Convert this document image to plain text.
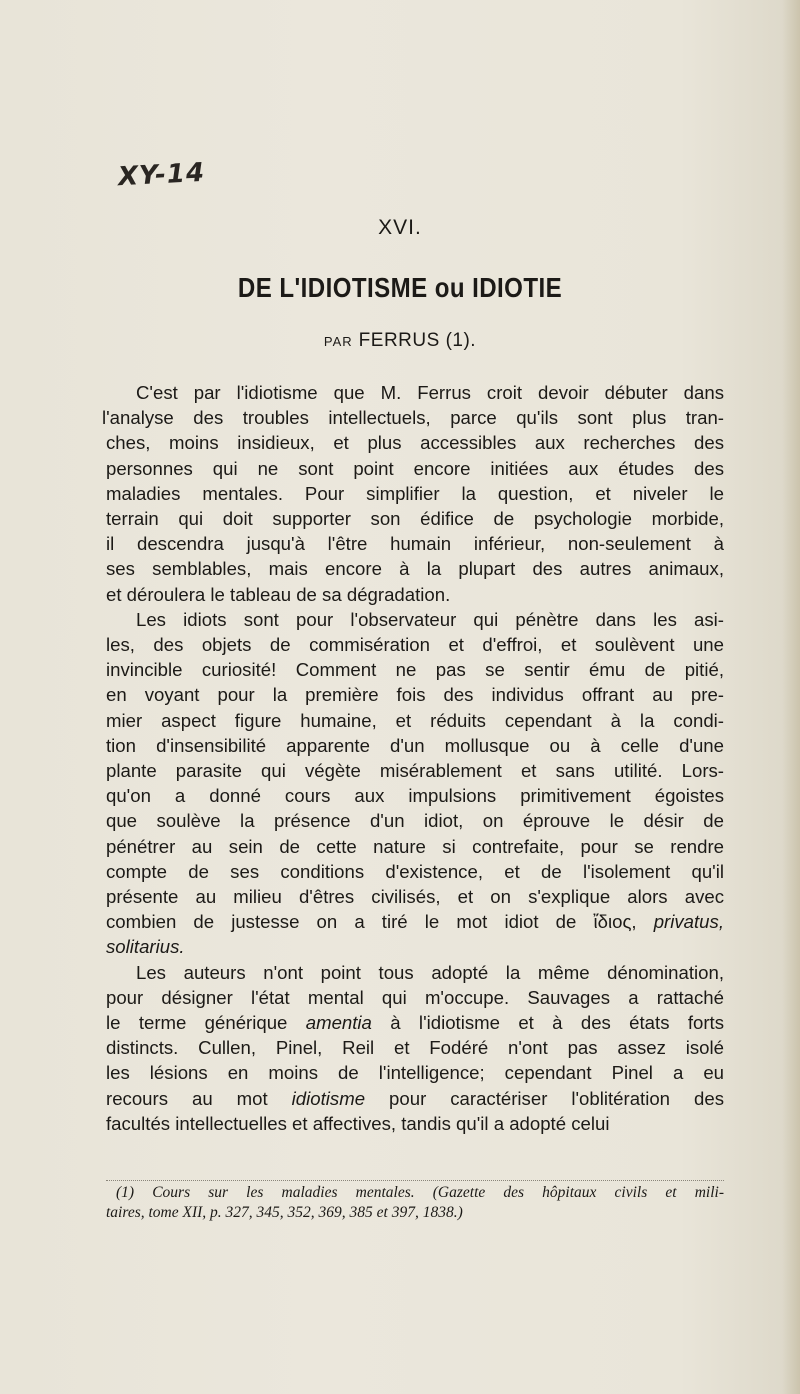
XY-14
XVI.
DE L'IDIOTISME ou IDIOTIE
PAR FERRUS (1).
C'est par l'idiotisme que M. Ferrus croit devoir débuter dans
l'analyse des troubles intellectuels, parce qu'ils sont plus tran-
ches, moins insidieux, et plus accessibles aux recherches des
personnes qui ne sont point encore initiées aux études des
maladies mentales. Pour simplifier la question, et niveler le
terrain qui doit supporter son édifice de psychologie morbide,
il descendra jusqu'à l'être humain inférieur, non-seulement à
ses semblables, mais encore à la plupart des autres animaux,
et déroulera le tableau de sa dégradation.
Les idiots sont pour l'observateur qui pénètre dans les asi-
les, des objets de commisération et d'effroi, et soulèvent une
invincible curiosité! Comment ne pas se sentir ému de pitié,
en voyant pour la première fois des individus offrant au pre-
mier aspect figure humaine, et réduits cependant à la condi-
tion d'insensibilité apparente d'un mollusque ou à celle d'une
plante parasite qui végète misérablement et sans utilité. Lors-
qu'on a donné cours aux impulsions primitivement égoistes
que soulève la présence d'un idiot, on éprouve le désir de
pénétrer au sein de cette nature si contrefaite, pour se rendre
compte de ses conditions d'existence, et de l'isolement qu'il
présente au milieu d'êtres civilisés, et on s'explique alors avec
combien de justesse on a tiré le mot idiot de ἴδιος, privatus,
solitarius.
Les auteurs n'ont point tous adopté la même dénomination,
pour désigner l'état mental qui m'occupe. Sauvages a rattaché
le terme générique amentia à l'idiotisme et à des états forts
distincts. Cullen, Pinel, Reil et Fodéré n'ont pas assez isolé
les lésions en moins de l'intelligence; cependant Pinel a eu
recours au mot idiotisme pour caractériser l'oblitération des
facultés intellectuelles et affectives, tandis qu'il a adopté celui
(1) Cours sur les maladies mentales. (Gazette des hôpitaux civils et mili-
taires, tome XII, p. 327, 345, 352, 369, 385 et 397, 1838.)
